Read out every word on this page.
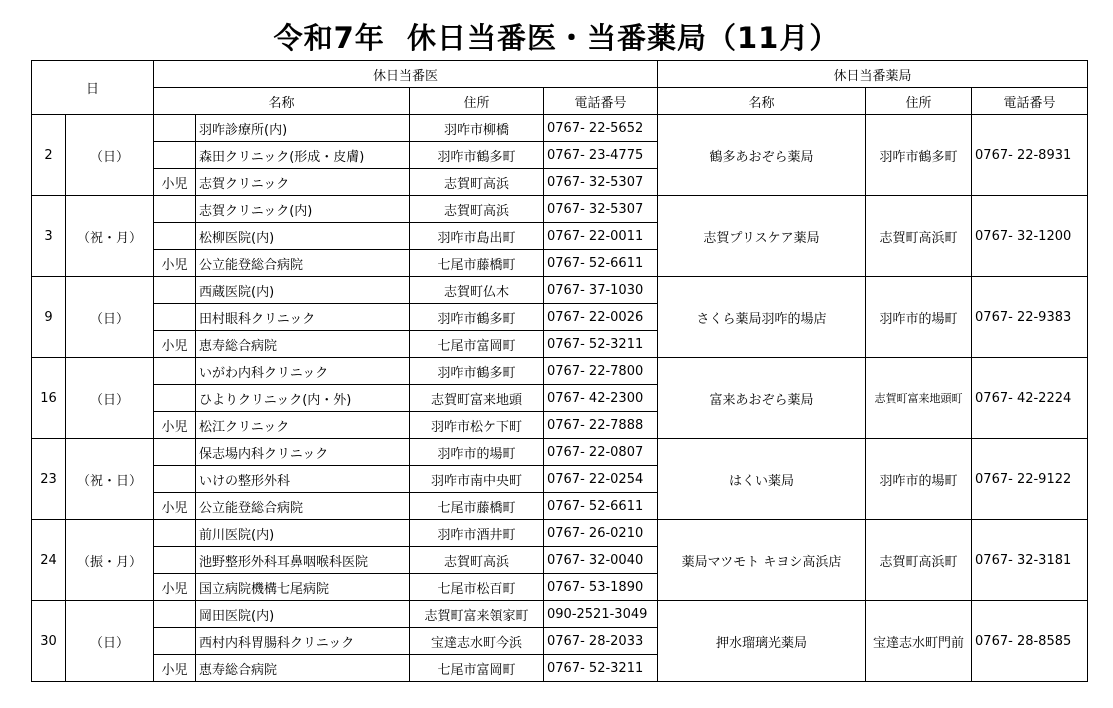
令和7年  休日当番医・当番薬局（11月）
日		休日当番医				休日当番薬局		
		名称		住所	電話番号	名称	住所	電話番号
2	（日）		羽咋診療所(内)	羽咋市柳橋	0767- 22-5652	鶴多あおぞら薬局	羽咋市鶴多町	0767- 22-8931
			森田クリニック(形成・皮膚)	羽咋市鶴多町	0767- 23-4775			
		小児	志賀クリニック	志賀町高浜	0767- 32-5307			
3	（祝・月）		志賀クリニック(内)	志賀町高浜	0767- 32-5307	志賀プリスケア薬局	志賀町高浜町	0767- 32-1200
			松柳医院(内)	羽咋市島出町	0767- 22-0011			
		小児	公立能登総合病院	七尾市藤橋町	0767- 52-6611			
9	（日）		西蔵医院(内)	志賀町仏木	0767- 37-1030	さくら薬局羽咋的場店	羽咋市的場町	0767- 22-9383
			田村眼科クリニック	羽咋市鶴多町	0767- 22-0026			
		小児	恵寿総合病院	七尾市富岡町	0767- 52-3211			
16	（日）		いがわ内科クリニック	羽咋市鶴多町	0767- 22-7800	富来あおぞら薬局	志賀町富来地頭町	0767- 42-2224
			ひよりクリニック(内・外)	志賀町富来地頭	0767- 42-2300			
		小児	松江クリニック	羽咋市松ケ下町	0767- 22-7888			
23	（祝・日）		保志場内科クリニック	羽咋市的場町	0767- 22-0807	はくい薬局	羽咋市的場町	0767- 22-9122
			いけの整形外科	羽咋市南中央町	0767- 22-0254			
		小児	公立能登総合病院	七尾市藤橋町	0767- 52-6611			
24	（振・月）		前川医院(内)	羽咋市酒井町	0767- 26-0210	薬局マツモト キヨシ高浜店	志賀町高浜町	0767- 32-3181
			池野整形外科耳鼻咽喉科医院	志賀町高浜	0767- 32-0040			
		小児	国立病院機構七尾病院	七尾市松百町	0767- 53-1890			
30	（日）		岡田医院(内)	志賀町富来領家町	090-2521-3049	押水瑠璃光薬局	宝達志水町門前	0767- 28-8585
			西村内科胃腸科クリニック	宝達志水町今浜	0767- 28-2033			
		小児	恵寿総合病院	七尾市富岡町	0767- 52-3211			
